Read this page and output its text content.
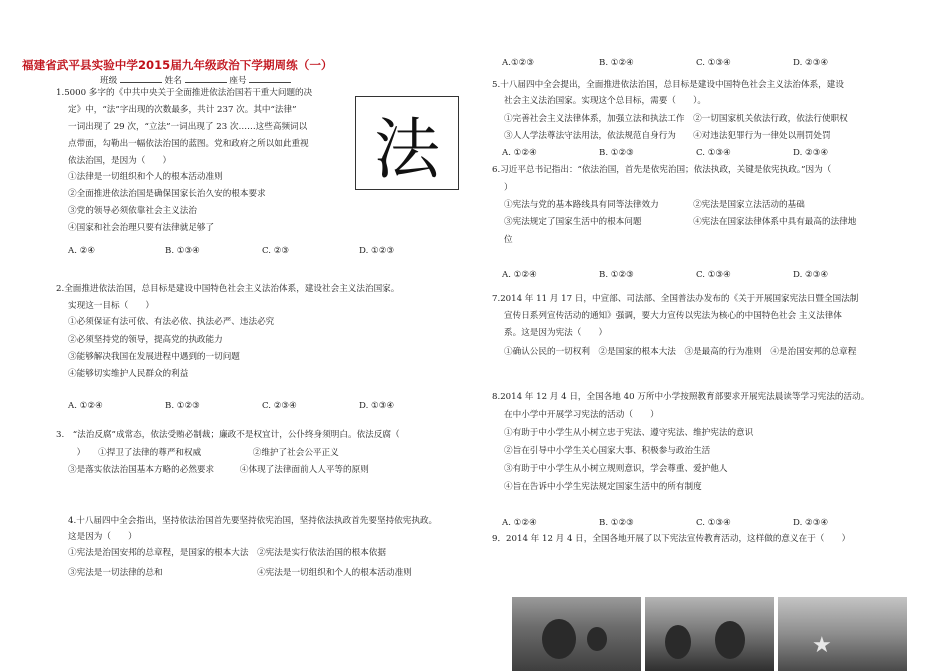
福建省武平县实验中学2015届九年级政治下学期周练（一）
班级	姓名	座号
法
1.5000 多字的《中共中央关于全面推进依法治国若干重大问题的决
定》中，“法”字出现的次数最多，共计 237 次。其中“法律”
一词出现了 29 次，“立法”一词出现了 23 次……这些高频词以
点带面，勾勒出一幅依法治国的蓝图。党和政府之所以如此重视
依法治国，是因为（　　）
①法律是一切组织和个人的根本活动准则
②全面推进依法治国是确保国家长治久安的根本要求
③党的领导必须依靠社会主义法治
④国家和社会治理只要有法律就足够了
2.全面推进依法治国，总目标是建设中国特色社会主义法治体系，建设社会主义法治国家。
实现这一目标（　　）
①必须保证有法可依、有法必依、执法必严、违法必究
②必须坚持党的领导，提高党的执政能力
③能够解决我国在发展进程中遇到的一切问题
④能够切实维护人民群众的利益
3.　“法治反腐”成常态，依法受贿必制裁；廉政不是权宜计，公仆终身须明白。依法反腐（
　）　　①捍卫了法律的尊严和权威　　　　　　②维护了社会公平正义
③是落实依法治国基本方略的必然要求　　　④体现了法律面前人人平等的原则
4.十八届四中全会指出，坚持依法治国首先要坚持依宪治国，坚持依法执政首先要坚持依宪执政。
这是因为（　　）
①宪法是治国安邦的总章程，是国家的根本大法　②宪法是实行依法治国的根本依据
③宪法是一切法律的总和　　　　　　　　　　　④宪法是一切组织和个人的根本活动准则
A. ②④	B. ①③④	C. ②③	D. ①②③
A. ①②④	B. ①②③	C. ②③④	D. ①③④
A.①②③	B. ①②④	C. ①③④	D. ②③④
5.十八届四中全会提出，全面推进依法治国，总目标是建设中国特色社会主义法治体系，建设
社会主义法治国家。实现这个总目标，需要（　　）。
①完善社会主义法律体系，加强立法和执法工作　②一切国家机关依法行政，依法行使职权
③人人学法尊法守法用法，依法规范自身行为　　④对违法犯罪行为一律处以刑罚处罚
6.习近平总书记指出：“依法治国，首先是依宪治国；依法执政，关键是依宪执政。”因为（
）
①宪法与党的基本路线具有同等法律效力　　　　②宪法是国家立法活动的基础
③宪法规定了国家生活中的根本问题　　　　　　④宪法在国家法律体系中具有最高的法律地
位
7.2014 年 11 月 17 日，中宣部、司法部、全国普法办发布的《关于开展国家宪法日暨全国法制
宣传日系列宣传活动的通知》强调，要大力宣传以宪法为核心的中国特色社会 主义法律体
系。这是因为宪法（　　）
①确认公民的一切权利　②是国家的根本大法　③是最高的行为准则　④是治国安邦的总章程
8.2014 年 12 月 4 日，全国各地 40 万所中小学按照教育部要求开展宪法晨读等学习宪法的活动。
在中小学中开展学习宪法的活动（　　）
①有助于中小学生从小树立忠于宪法、遵守宪法、维护宪法的意识
②旨在引导中小学生关心国家大事、积极参与政治生活
③有助于中小学生从小树立规则意识，学会尊重、爱护他人
④旨在告诉中小学生宪法规定国家生活中的所有制度
9．2014 年 12 月 4 日，全国各地开展了以下宪法宣传教育活动，这样做的意义在于（　　）
A. ①②④	B. ①②③	C. ①③④	D. ②③④
A. ①②④	B. ①②③	C. ①③④	D. ②③④
A. ①②④	B. ①②③	C. ①③④	D. ②③④
★
